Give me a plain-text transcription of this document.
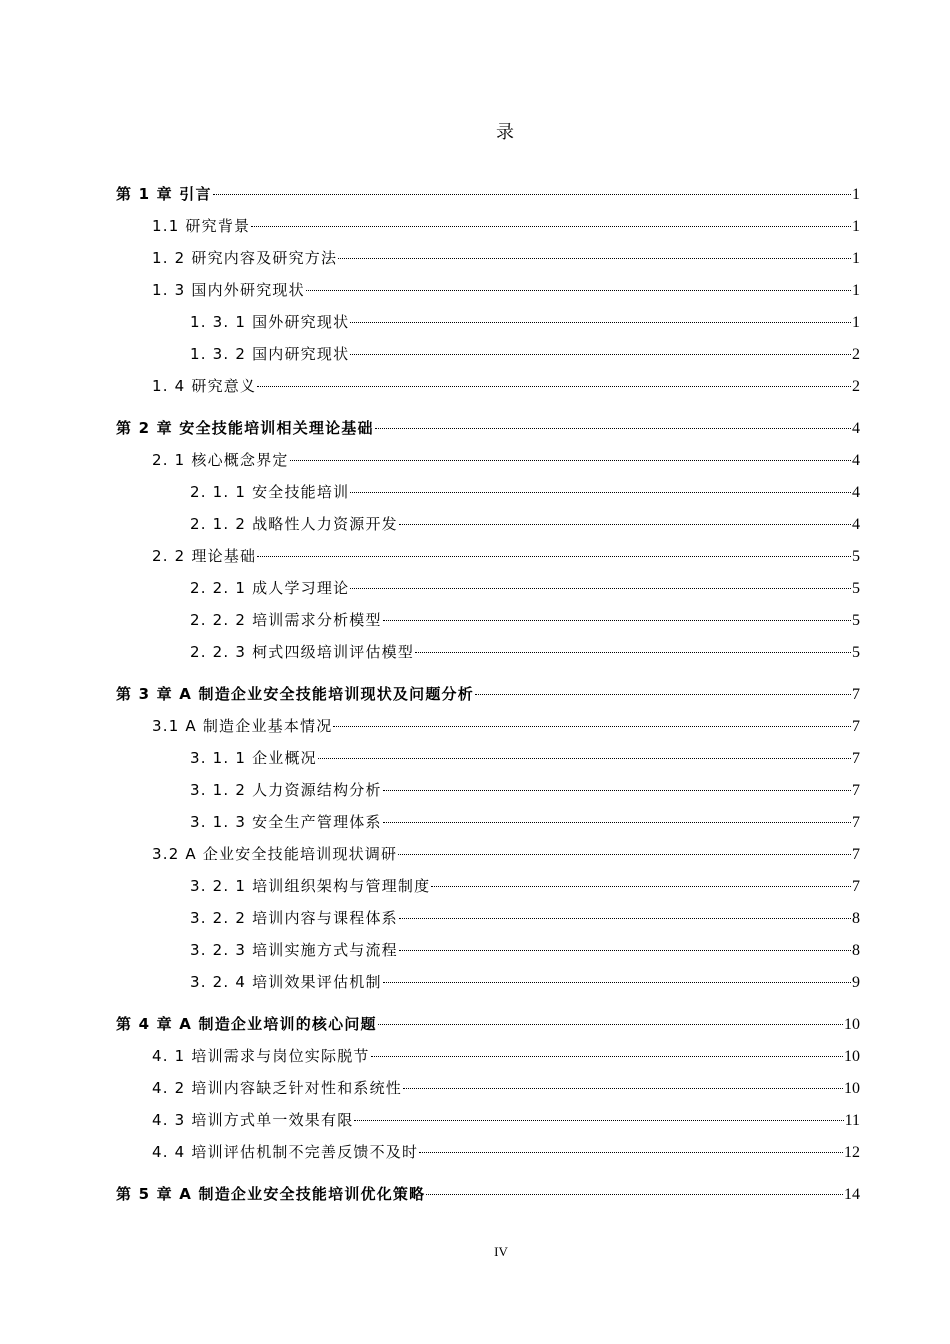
录
第 1 章 引言	1
1.1 研究背景	1
1. 2 研究内容及研究方法	1
1. 3 国内外研究现状	1
1. 3. 1 国外研究现状	1
1. 3. 2 国内研究现状	2
1. 4 研究意义	2
第 2 章 安全技能培训相关理论基础	4
2. 1 核心概念界定	4
2. 1. 1 安全技能培训	4
2. 1. 2 战略性人力资源开发	4
2. 2 理论基础	5
2. 2. 1 成人学习理论	5
2. 2. 2 培训需求分析模型	5
2. 2. 3 柯式四级培训评估模型	5
第 3 章 A 制造企业安全技能培训现状及问题分析	7
3.1 A 制造企业基本情况	7
3. 1. 1 企业概况	7
3. 1. 2 人力资源结构分析	7
3. 1. 3 安全生产管理体系	7
3.2 A 企业安全技能培训现状调研	7
3. 2. 1 培训组织架构与管理制度	7
3. 2. 2 培训内容与课程体系	8
3. 2. 3 培训实施方式与流程	8
3. 2. 4 培训效果评估机制	9
第 4 章 A 制造企业培训的核心问题	10
4. 1 培训需求与岗位实际脱节	10
4. 2 培训内容缺乏针对性和系统性	10
4. 3 培训方式单一效果有限	11
4. 4 培训评估机制不完善反馈不及时	12
第 5 章 A 制造企业安全技能培训优化策略	14
IV
